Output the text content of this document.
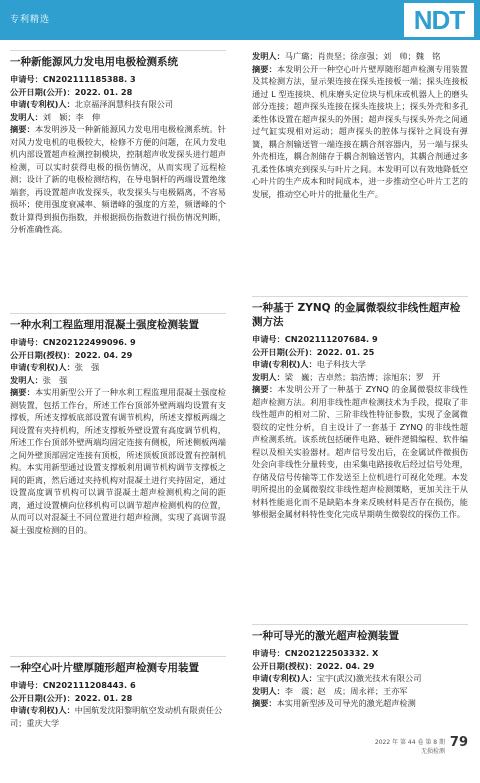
专利精选	NDT
一种新能源风力发电用电极检测系统
申请号：CN202111185388. 3
公开日期(公开)：2022. 01. 28
申请(专利权)人：北京福泽润慧科技有限公司
发明人：刘　颖；李　伸
摘要：本发明涉及一种新能源风力发电用电极检测系统。针对风力发电机的电极较大，检修不方便的问题，在风力发电机内部设置超声检测控制模块，控制超声收发探头进行超声检测，可以实时获得电极的损伤情况，从而实现了远程检测；设计了新的电极检测结构，在导电铜杆的两端设置绝缘端套，再设置超声收发探头，收发探头与电极隔离，不容易损坏；使用强度衰减率、频谱峰的强度的方差，频谱峰的个数计算得到损伤指数，并根据损伤指数进行损伤情况判断，分析准确性高。
一种水利工程监理用混凝土强度检测装置
申请号：CN202122499096. 9
公开日期(授权)：2022. 04. 29
申请(专利权)人：张　强
发明人：张　强
摘要：本实用新型公开了一种水利工程监理用混凝土强度检测装置，包括工作台，所述工作台顶部外壁两端均设置有支撑板，所述支撑板底部设置有调节机构，所述支撑板两端之间设置有夹持机构，所述支撑板外壁设置有高度调节机构，所述工作台顶部外壁两端均固定连接有侧板，所述侧板两端之间外壁顶部固定连接有顶板，所述顶板顶部设置有控制机构。本实用新型通过设置支撑板利用调节机构调节支撑板之间的距离，然后通过夹持机构对混凝土进行夹持固定，通过设置高度调节机构可以调节混凝土超声检测机构之间的距离，通过设置横向位移机构可以调节超声检测机构的位置，从而可以对混凝土不同位置进行超声检测，实现了高调节混凝土强度检测的目的。
一种空心叶片壁厚随形超声检测专用装置
申请号：CN202111208443. 6
公开日期(公开)：2022. 01. 28
申请(专利权)人：中国航发沈阳黎明航空发动机有限责任公司；重庆大学
发明人：马广璐；肖贵坚；徐彦强；刘　帅；魏　铭
摘要：本发明公开一种空心叶片壁厚随形超声检测专用装置及其检测方法，显示架连接在探头连接板一端；探头连接板通过 L 型连接块、机床磨头定位块与机床或机器人上的磨头部分连接；超声探头连接在探头连接块上；探头外壳和多孔柔性体设置在超声探头的外围；超声探头与探头外壳之间通过气缸实现相对运动；超声探头的腔体与探针之间设有弹簧，耦合剂输送管一端连接在耦合剂容器内，另一端与探头外壳相连，耦合剂储存于耦合剂输送管内，其耦合剂通过多孔柔性体填充到探头与叶片之间。本发明可以有效地降低空心叶片的生产成本和时间成本，进一步推动空心叶片工艺的发展，推动空心叶片的批量化生产。
一种基于 ZYNQ 的金属微裂纹非线性超声检测方法
申请号：CN202111207684. 9
公开日期(公开)：2022. 01. 25
申请(专利权)人：电子科技大学
发明人：梁　巍；吉卓然；翁浩博；涂旭东；罗　开
摘要：本发明公开了一种基于 ZYNQ 的金属微裂纹非线性超声检测方法。利用非线性超声检测技术为手段，提取了非线性超声的相对二阶、三阶非线性特征参数，实现了金属微裂纹的定性分析，自主设计了一套基于 ZYNQ 的非线性超声检测系统。该系统包括硬件电路、硬件逻辑编程、软件编程以及相关实验器材。超声信号发出后，在金属试件微损伤处会向非线性分量转变，由采集电路接收后经过信号处理，存储及信号传输等工作发送至上位机进行可视化处理。本发明所提出的金属微裂纹非线性超声检测策略，更加关注于从材料性能退化而不是缺陷本身来反映材料是否存在损伤，能够根据金属材料特性变化完成早期萌生微裂纹的探伤工作。
一种可导光的激光超声检测装置
申请号：CN202122503332. X
公开日期(授权)：2022. 04. 29
申请(专利权)人：宝宇(武汉)激光技术有限公司
发明人：李　震；赵　成；周永祥；王亦军
摘要：本实用新型涉及可导光的激光超声检测
2022 年 第 44 卷 第 8 期
无损检测
79
